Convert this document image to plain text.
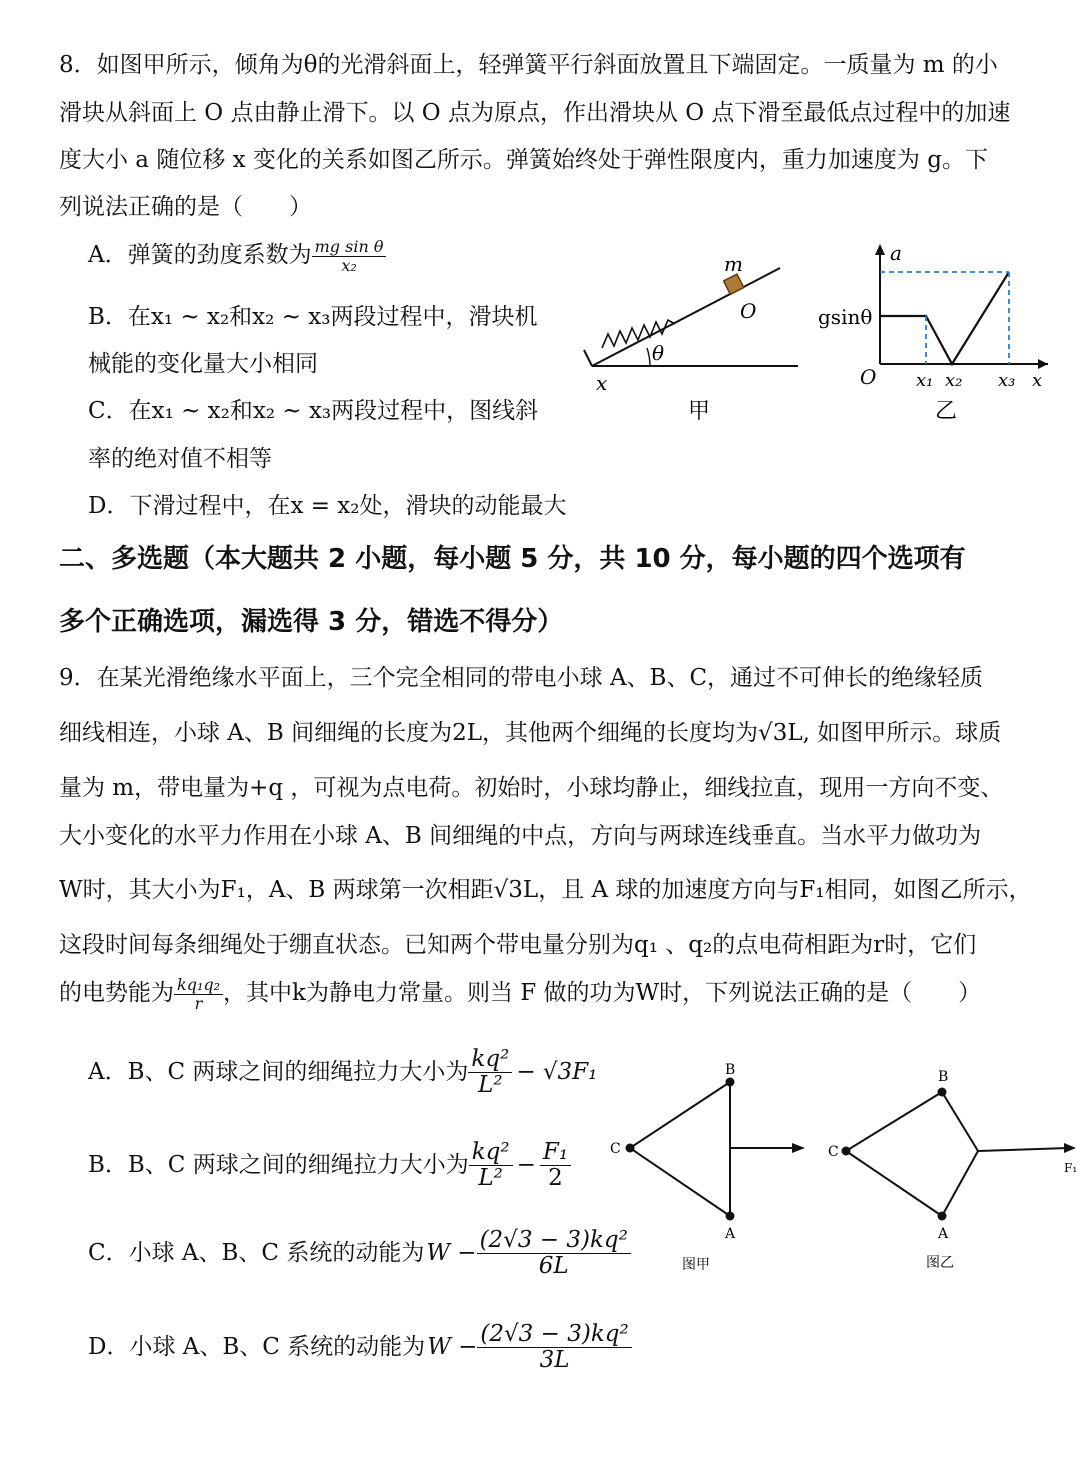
8．如图甲所示，倾角为θ的光滑斜面上，轻弹簧平行斜面放置且下端固定。一质量为 m 的小
滑块从斜面上 O 点由静止滑下。以 O 点为原点，作出滑块从 O 点下滑至最低点过程中的加速
度大小 a 随位移 x 变化的关系如图乙所示。弹簧始终处于弹性限度内，重力加速度为 g。下
列说法正确的是（　　）
A．弹簧的劲度系数为 $\frac{\text{mg sin θ}}{\text{x₂}}$
B．在x₁ ~ x₂和x₂ ~ x₃两段过程中，滑块机
械能的变化量大小相同
C．在x₁ ~ x₂和x₂ ~ x₃两段过程中，图线斜
率的绝对值不相等
D．下滑过程中，在x = x₂处，滑块的动能最大
m
O
θ
x
甲
a
gsinθ
O x₁ x₂ x₃ x
乙
二、多选题（本大题共 2 小题，每小题 5 分，共 10 分，每小题的四个选项有
多个正确选项，漏选得 3 分，错选不得分）
9．在某光滑绝缘水平面上，三个完全相同的带电小球 A、B、C，通过不可伸长的绝缘轻质
细线相连，小球 A、B 间细绳的长度为2L，其他两个细绳的长度均为√3L, 如图甲所示。球质
量为 m，带电量为+q ，可视为点电荷。初始时，小球均静止，细线拉直，现用一方向不变、
大小变化的水平力作用在小球 A、B 间细绳的中点，方向与两球连线垂直。当水平力做功为
W时，其大小为F₁，A、B 两球第一次相距√3L，且 A 球的加速度方向与F₁相同，如图乙所示，
这段时间每条细绳处于绷直状态。已知两个带电量分别为q₁ 、q₂的点电荷相距为r时，它们
的电势能为 $\frac{\text{kq₁q₂}}{r}$ ，其中k为静电力常量。则当 F 做的功为W时，下列说法正确的是（　　）
A．B、C 两球之间的细绳拉力大小为 $\frac{\text{kq²}}{\text{L²}} - √3F_1$
B．B、C 两球之间的细绳拉力大小为 $\frac{\text{kq²}}{\text{L²}} - \frac{\text{F₁}}{2}$
C．小球 A、B、C 系统的动能为$W - \frac{\text{(2√3 − 3)kq²}}{6L}$
D．小球 A、B、C 系统的动能为$W - \frac{\text{(2√3 − 3)kq²}}{3L}$
C
B
A
图甲
C
B
A
F₁
图乙
